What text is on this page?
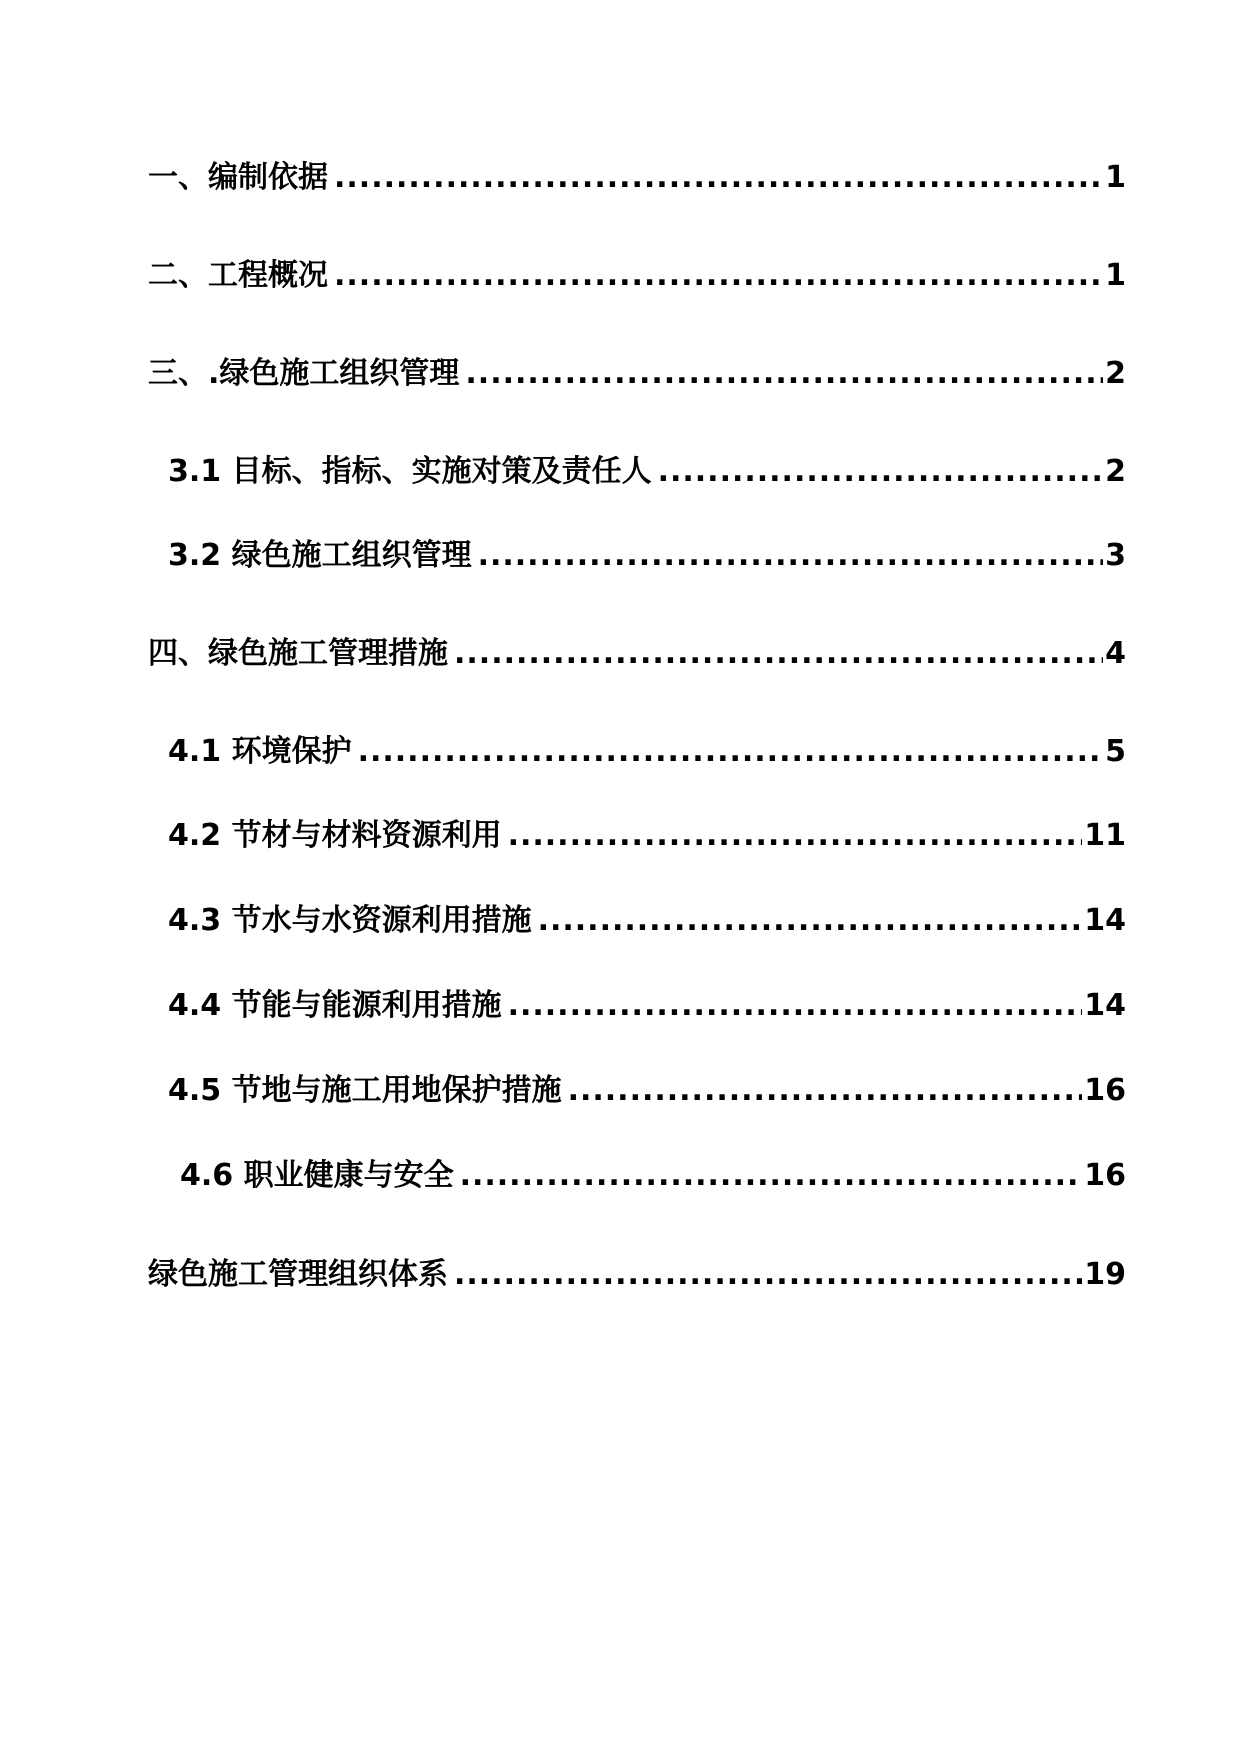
一、编制依据 .....	1
二、工程概况 .....	1
三、.绿色施工组织管理 .....	2
3.1 目标、指标、实施对策及责任人 .....	2
3.2 绿色施工组织管理 .....	3
四、绿色施工管理措施 .....	4
4.1 环境保护 .....	5
4.2 节材与材料资源利用 .....	11
4.3 节水与水资源利用措施 .....	14
4.4 节能与能源利用措施 .....	14
4.5 节地与施工用地保护措施 .....	16
4.6 职业健康与安全 .....	16
绿色施工管理组织体系 .....	19
